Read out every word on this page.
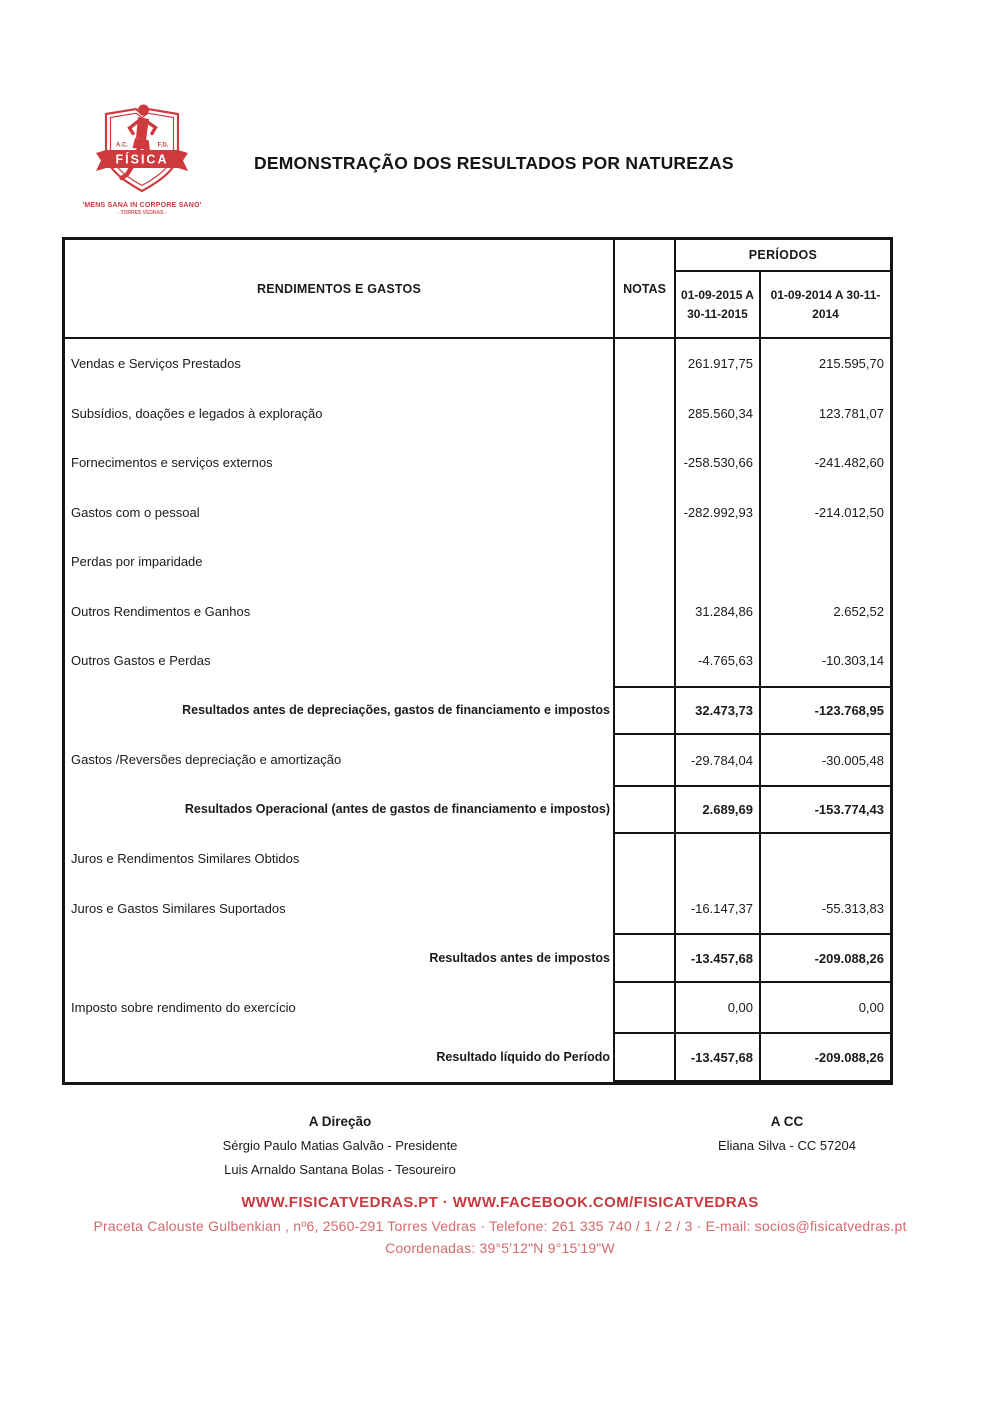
A.C.	F.D.
FÍSICA
'MENS SANA IN CORPORE SANO'
- TORRES VEDRAS -
DEMONSTRAÇÃO DOS RESULTADOS POR NATUREZAS
RENDIMENTOS E GASTOS	NOTAS
PERÍODOS
01-09-2015 A 30-11-2015
01-09-2014 A 30-11-2014
Vendas e Serviços Prestados	261.917,75	215.595,70
Subsídios, doações e legados à exploração	285.560,34	123.781,07
Fornecimentos e serviços externos	-258.530,66	-241.482,60
Gastos com o pessoal	-282.992,93	-214.012,50
Perdas por imparidade
Outros Rendimentos e Ganhos	31.284,86	2.652,52
Outros Gastos e Perdas	-4.765,63	-10.303,14
Resultados antes de depreciações, gastos de financiamento e impostos	32.473,73	-123.768,95
Gastos /Reversões depreciação e amortização	-29.784,04	-30.005,48
Resultados Operacional (antes de gastos de financiamento e impostos)	2.689,69	-153.774,43
Juros e Rendimentos Similares Obtidos
Juros e Gastos Similares Suportados	-16.147,37	-55.313,83
Resultados antes de impostos	-13.457,68	-209.088,26
Imposto sobre rendimento do exercício	0,00	0,00
Resultado líquido do Período	-13.457,68	-209.088,26
A Direção
Sérgio Paulo Matias Galvão - Presidente
Luis Arnaldo Santana Bolas - Tesoureiro
A CC
Eliana Silva - CC 57204
WWW.FISICATVEDRAS.PT · WWW.FACEBOOK.COM/FISICATVEDRAS
Praceta Calouste Gulbenkian , nº6, 2560-291 Torres Vedras · Telefone: 261 335 740 / 1 / 2 / 3 · E-mail: socios@fisicatvedras.pt
Coordenadas: 39°5'12"N 9°15'19"W
